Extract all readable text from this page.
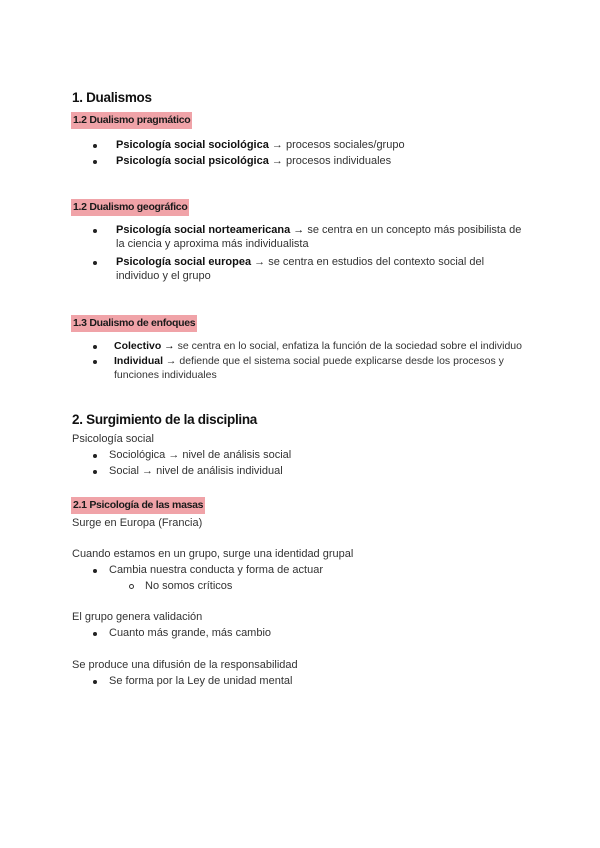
1. Dualismos
1.2 Dualismo pragmático
Psicología social sociológica → procesos sociales/grupo
Psicología social psicológica → procesos individuales
1.2 Dualismo geográfico
Psicología social norteamericana → se centra en un concepto más posibilista de la ciencia y aproxima más individualista
Psicología social europea → se centra en estudios del contexto social del individuo y el grupo
1.3 Dualismo de enfoques
Colectivo → se centra en lo social, enfatiza la función de la sociedad sobre el individuo
Individual → defiende que el sistema social puede explicarse desde los procesos y funciones individuales
2. Surgimiento de la disciplina
Psicología social
Sociológica → nivel de análisis social
Social → nivel de análisis individual
2.1 Psicología de las masas
Surge en Europa (Francia)
Cuando estamos en un grupo, surge una identidad grupal
Cambia nuestra conducta y forma de actuar
No somos críticos
El grupo genera validación
Cuanto más grande, más cambio
Se produce una difusión de la responsabilidad
Se forma por la Ley de unidad mental
